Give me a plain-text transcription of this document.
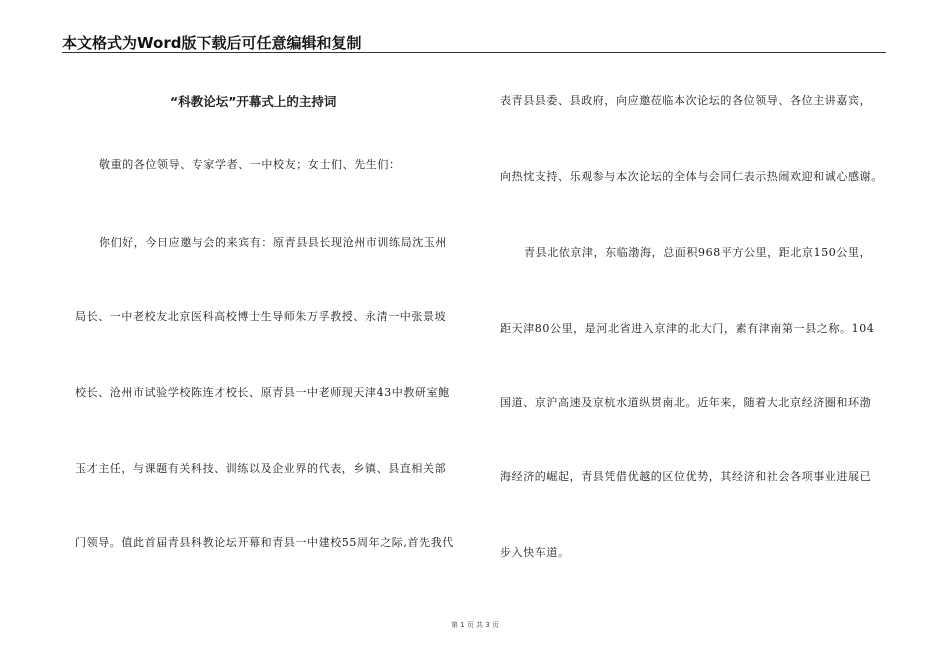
本文格式为Word版下载后可任意编辑和复制
“科教论坛”开幕式上的主持词
敬重的各位领导、专家学者、一中校友；女士们、先生们：
你们好，今日应邀与会的来宾有：原青县县长现沧州市训练局沈玉州
局长、一中老校友北京医科高校博士生导师朱万孚教授、永清一中张景坡
校长、沧州市试验学校陈连才校长、原青县一中老师现天津43中教研室鲍
玉才主任，与课题有关科技、训练以及企业界的代表，乡镇、县直相关部
门领导。值此首届青县科教论坛开幕和青县一中建校55周年之际,首先我代
表青县县委、县政府，向应邀莅临本次论坛的各位领导、各位主讲嘉宾，
向热忱支持、乐观参与本次论坛的全体与会同仁表示热闹欢迎和诚心感谢。
青县北依京津，东临渤海，总面积968平方公里，距北京150公里，
距天津80公里，是河北省进入京津的北大门，素有津南第一县之称。104
国道、京沪高速及京杭水道纵贯南北。近年来，随着大北京经济圈和环渤
海经济的崛起，青县凭借优越的区位优势，其经济和社会各项事业进展已
步入快车道。
第 1 页 共 3 页
